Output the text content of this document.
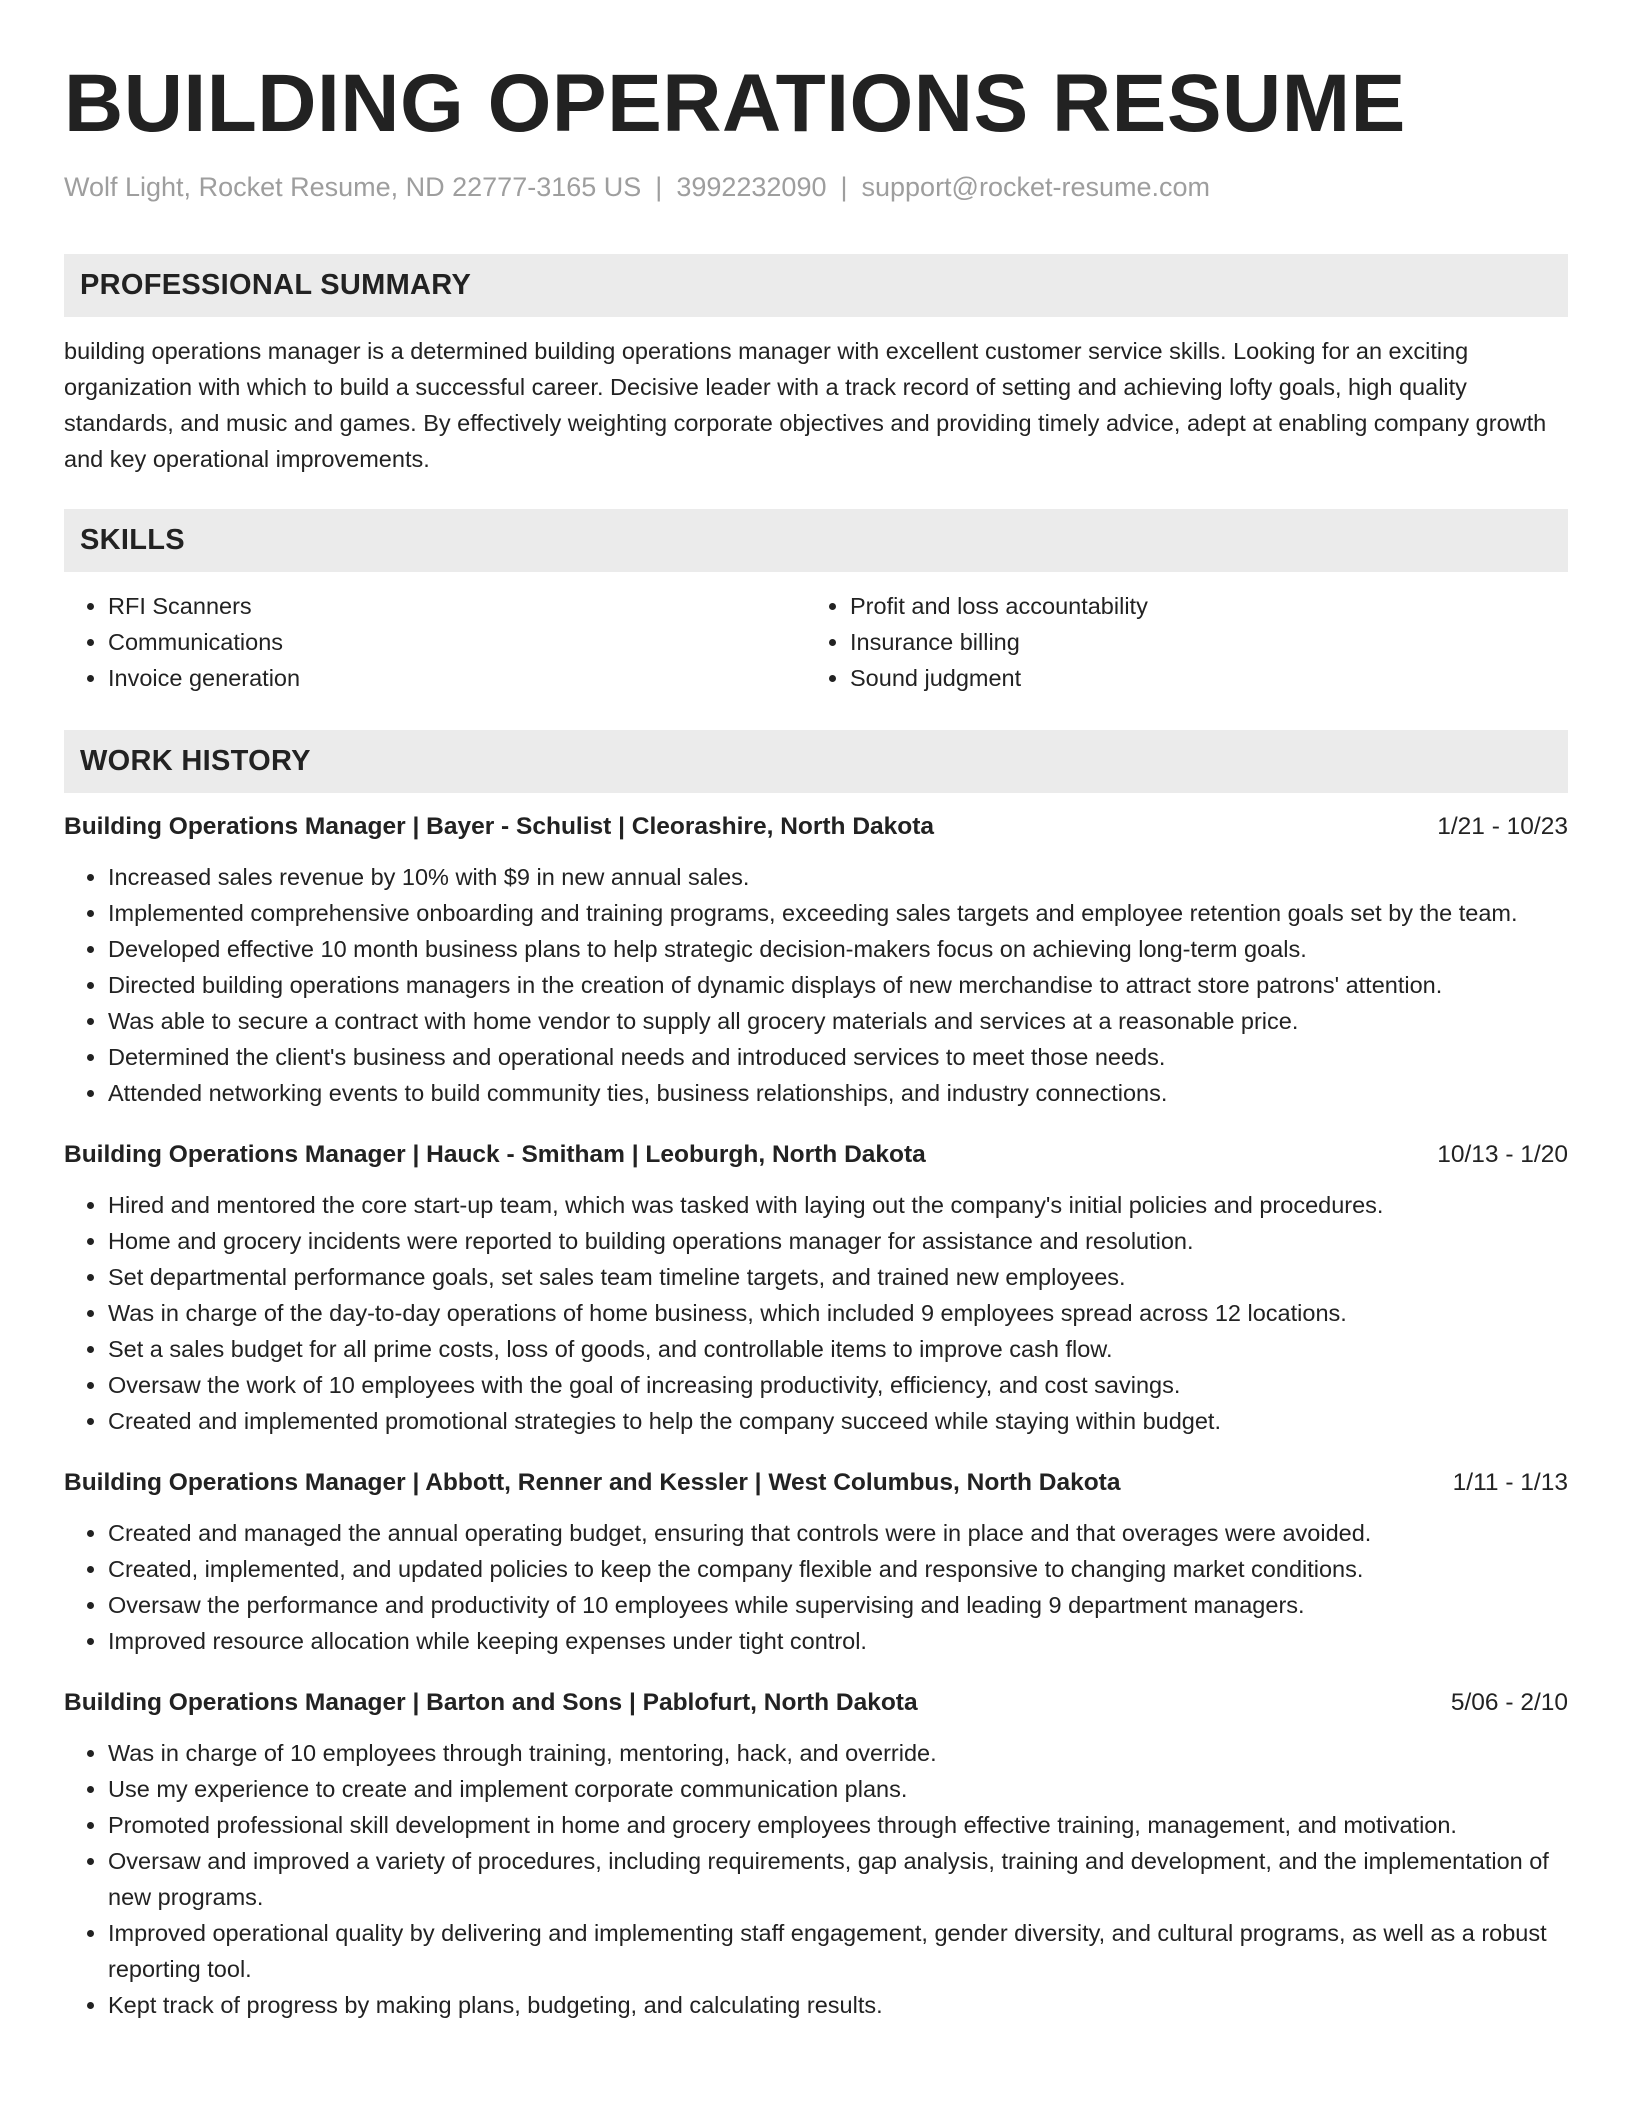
BUILDING OPERATIONS RESUME
Wolf Light, Rocket Resume, ND 22777-3165 US | 3992232090 | support@rocket-resume.com
PROFESSIONAL SUMMARY
building operations manager is a determined building operations manager with excellent customer service skills. Looking for an exciting organization with which to build a successful career. Decisive leader with a track record of setting and achieving lofty goals, high quality standards, and music and games. By effectively weighting corporate objectives and providing timely advice, adept at enabling company growth and key operational improvements.
SKILLS
• RFI Scanners
• Communications
• Invoice generation
• Profit and loss accountability
• Insurance billing
• Sound judgment
WORK HISTORY
Building Operations Manager | Bayer - Schulist | Cleorashire, North Dakota	1/21 - 10/23
• Increased sales revenue by 10% with $9 in new annual sales.
• Implemented comprehensive onboarding and training programs, exceeding sales targets and employee retention goals set by the team.
• Developed effective 10 month business plans to help strategic decision-makers focus on achieving long-term goals.
• Directed building operations managers in the creation of dynamic displays of new merchandise to attract store patrons' attention.
• Was able to secure a contract with home vendor to supply all grocery materials and services at a reasonable price.
• Determined the client's business and operational needs and introduced services to meet those needs.
• Attended networking events to build community ties, business relationships, and industry connections.
Building Operations Manager | Hauck - Smitham | Leoburgh, North Dakota	10/13 - 1/20
• Hired and mentored the core start-up team, which was tasked with laying out the company's initial policies and procedures.
• Home and grocery incidents were reported to building operations manager for assistance and resolution.
• Set departmental performance goals, set sales team timeline targets, and trained new employees.
• Was in charge of the day-to-day operations of home business, which included 9 employees spread across 12 locations.
• Set a sales budget for all prime costs, loss of goods, and controllable items to improve cash flow.
• Oversaw the work of 10 employees with the goal of increasing productivity, efficiency, and cost savings.
• Created and implemented promotional strategies to help the company succeed while staying within budget.
Building Operations Manager | Abbott, Renner and Kessler | West Columbus, North Dakota	1/11 - 1/13
• Created and managed the annual operating budget, ensuring that controls were in place and that overages were avoided.
• Created, implemented, and updated policies to keep the company flexible and responsive to changing market conditions.
• Oversaw the performance and productivity of 10 employees while supervising and leading 9 department managers.
• Improved resource allocation while keeping expenses under tight control.
Building Operations Manager | Barton and Sons | Pablofurt, North Dakota	5/06 - 2/10
• Was in charge of 10 employees through training, mentoring, hack, and override.
• Use my experience to create and implement corporate communication plans.
• Promoted professional skill development in home and grocery employees through effective training, management, and motivation.
• Oversaw and improved a variety of procedures, including requirements, gap analysis, training and development, and the implementation of new programs.
• Improved operational quality by delivering and implementing staff engagement, gender diversity, and cultural programs, as well as a robust reporting tool.
• Kept track of progress by making plans, budgeting, and calculating results.
